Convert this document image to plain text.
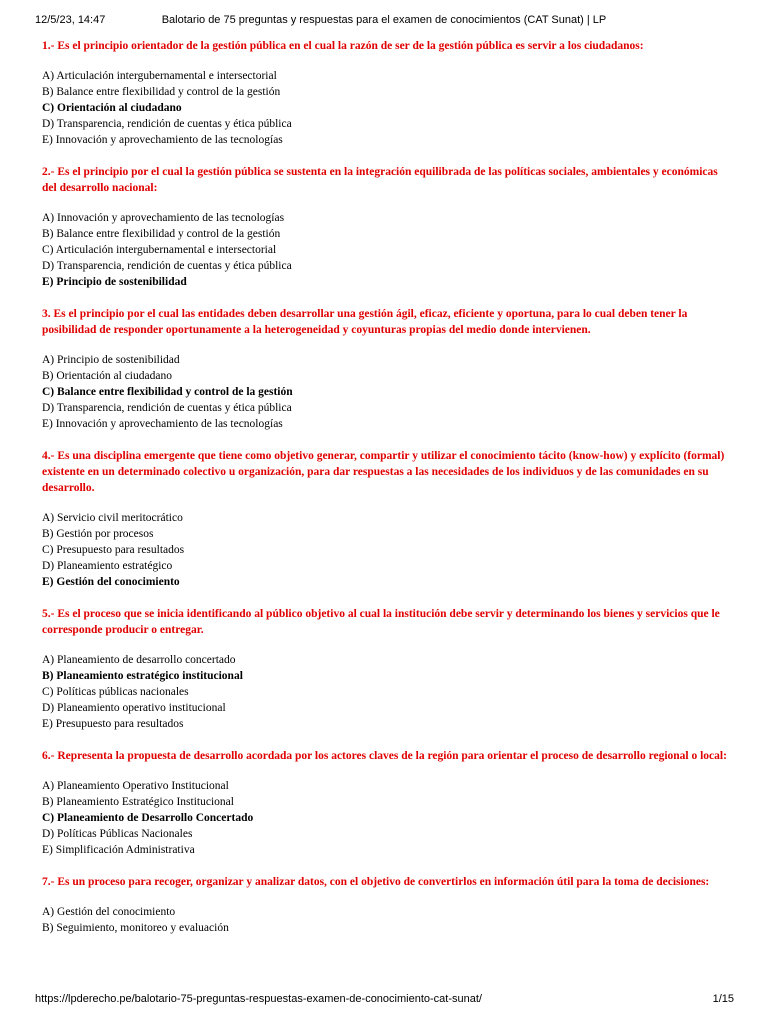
12/5/23, 14:47	Balotario de 75 preguntas y respuestas para el examen de conocimientos (CAT Sunat) | LP

1.- Es el principio orientador de la gestión pública en el cual la razón de ser de la gestión pública es servir a los ciudadanos:

A) Articulación intergubernamental e intersectorial
B) Balance entre flexibilidad y control de la gestión
C) Orientación al ciudadano
D) Transparencia, rendición de cuentas y ética pública
E) Innovación y aprovechamiento de las tecnologías

2.- Es el principio por el cual la gestión pública se sustenta en la integración equilibrada de las políticas sociales, ambientales y económicas del desarrollo nacional:

A) Innovación y aprovechamiento de las tecnologías
B) Balance entre flexibilidad y control de la gestión
C) Articulación intergubernamental e intersectorial
D) Transparencia, rendición de cuentas y ética pública
E) Principio de sostenibilidad

3. Es el principio por el cual las entidades deben desarrollar una gestión ágil, eficaz, eficiente y oportuna, para lo cual deben tener la posibilidad de responder oportunamente a la heterogeneidad y coyunturas propias del medio donde intervienen.

A) Principio de sostenibilidad
B) Orientación al ciudadano
C) Balance entre flexibilidad y control de la gestión
D) Transparencia, rendición de cuentas y ética pública
E) Innovación y aprovechamiento de las tecnologías

4.- Es una disciplina emergente que tiene como objetivo generar, compartir y utilizar el conocimiento tácito (know-how) y explícito (formal) existente en un determinado colectivo u organización, para dar respuestas a las necesidades de los individuos y de las comunidades en su desarrollo.

A) Servicio civil meritocrático
B) Gestión por procesos
C) Presupuesto para resultados
D) Planeamiento estratégico
E) Gestión del conocimiento

5.- Es el proceso que se inicia identificando al público objetivo al cual la institución debe servir y determinando los bienes y servicios que le corresponde producir o entregar.

A) Planeamiento de desarrollo concertado
B) Planeamiento estratégico institucional
C) Políticas públicas nacionales
D) Planeamiento operativo institucional
E) Presupuesto para resultados

6.- Representa la propuesta de desarrollo acordada por los actores claves de la región para orientar el proceso de desarrollo regional o local:

A) Planeamiento Operativo Institucional
B) Planeamiento Estratégico Institucional
C) Planeamiento de Desarrollo Concertado
D) Políticas Públicas Nacionales
E) Simplificación Administrativa

7.- Es un proceso para recoger, organizar y analizar datos, con el objetivo de convertirlos en información útil para la toma de decisiones:

A) Gestión del conocimiento
B) Seguimiento, monitoreo y evaluación
https://lpderecho.pe/balotario-75-preguntas-respuestas-examen-de-conocimiento-cat-sunat/	1/15
